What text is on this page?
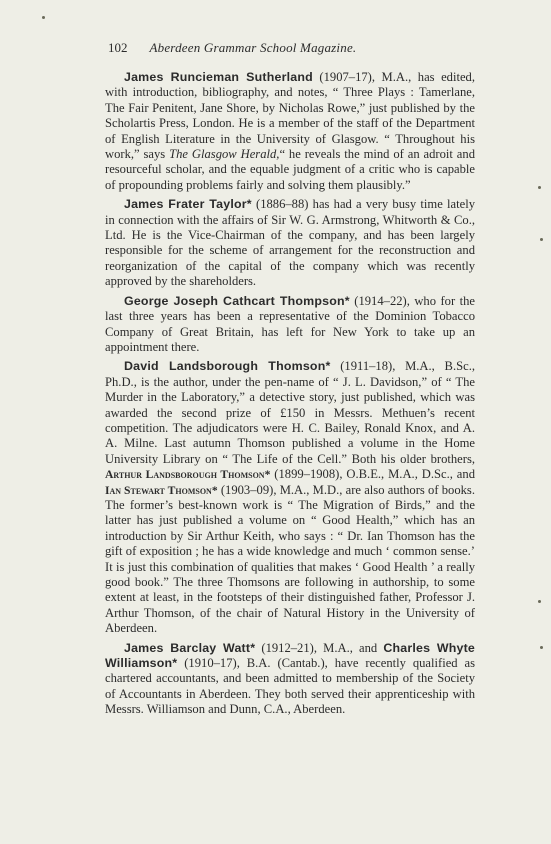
102 Aberdeen Grammar School Magazine.

James Runcieman Sutherland (1907–17), M.A., has edited, with introduction, bibliography, and notes, “ Three Plays : Tamerlane, The Fair Penitent, Jane Shore, by Nicholas Rowe,” just published by the Scholartis Press, London. He is a member of the staff of the Department of English Literature in the University of Glasgow. “ Throughout his work,” says The Glasgow Herald,“ he reveals the mind of an adroit and resourceful scholar, and the equable judgment of a critic who is capable of propounding problems fairly and solving them plausibly.”

James Frater Taylor* (1886–88) has had a very busy time lately in connection with the affairs of Sir W. G. Armstrong, Whitworth & Co., Ltd. He is the Vice-Chairman of the company, and has been largely responsible for the scheme of arrangement for the reconstruction and reorganization of the capital of the company which was recently approved by the shareholders.

George Joseph Cathcart Thompson* (1914–22), who for the last three years has been a representative of the Dominion Tobacco Company of Great Britain, has left for New York to take up an appointment there.

David Landsborough Thomson* (1911–18), M.A., B.Sc., Ph.D., is the author, under the pen-name of “ J. L. Davidson,” of “ The Murder in the Laboratory,” a detective story, just published, which was awarded the second prize of £150 in Messrs. Methuen’s recent competition. The adjudicators were H. C. Bailey, Ronald Knox, and A. A. Milne. Last autumn Thomson published a volume in the Home University Library on “ The Life of the Cell.” Both his older brothers, Arthur Landsborough Thomson* (1899–1908), O.B.E., M.A., D.Sc., and Ian Stewart Thomson* (1903–09), M.A., M.D., are also authors of books. The former’s best-known work is “ The Migration of Birds,” and the latter has just published a volume on “ Good Health,” which has an introduction by Sir Arthur Keith, who says : “ Dr. Ian Thomson has the gift of exposition ; he has a wide knowledge and much ‘ common sense.’ It is just this combination of qualities that makes ‘ Good Health ’ a really good book.” The three Thomsons are following in authorship, to some extent at least, in the footsteps of their distinguished father, Professor J. Arthur Thomson, of the chair of Natural History in the University of Aberdeen.

James Barclay Watt* (1912–21), M.A., and Charles Whyte Williamson* (1910–17), B.A. (Cantab.), have recently qualified as chartered accountants, and been admitted to membership of the Society of Accountants in Aberdeen. They both served their apprenticeship with Messrs. Williamson and Dunn, C.A., Aberdeen.
